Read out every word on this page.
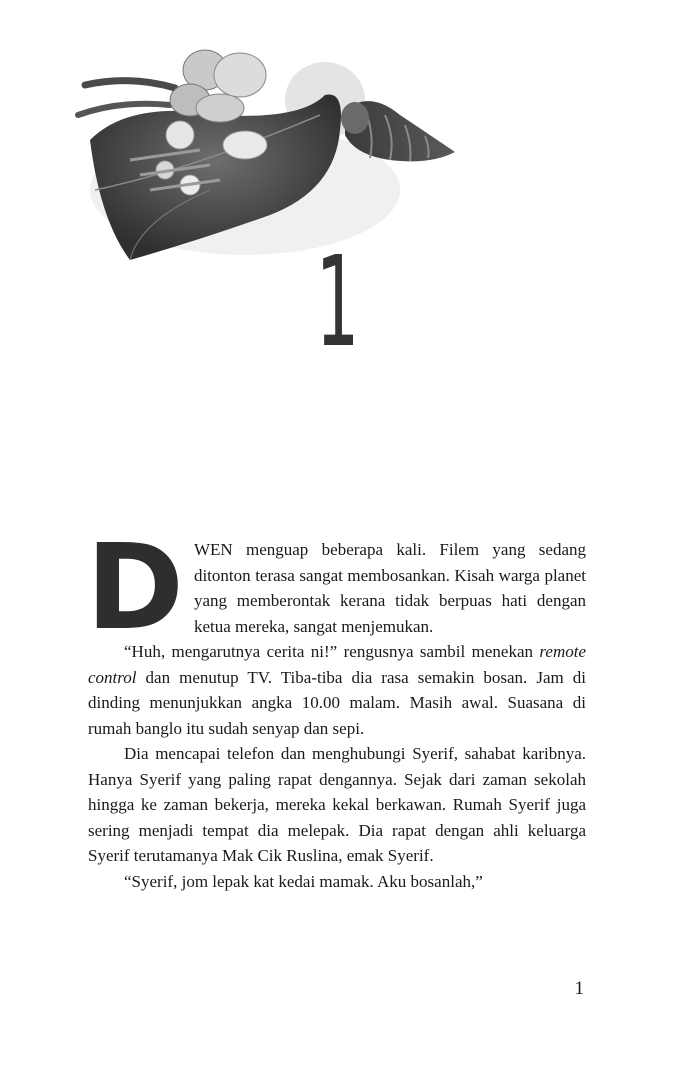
1

DWEN menguap beberapa kali. Filem yang sedang ditonton terasa sangat membosankan. Kisah warga planet yang memberontak kerana tidak berpuas hati dengan ketua mereka, sangat menjemukan.

“Huh, mengarutnya cerita ni!” rengusnya sambil menekan remote control dan menutup TV. Tiba-tiba dia rasa semakin bosan. Jam di dinding menunjukkan angka 10.00 malam. Masih awal. Suasana di rumah banglo itu sudah senyap dan sepi.

Dia mencapai telefon dan menghubungi Syerif, sahabat karibnya. Hanya Syerif yang paling rapat dengannya. Sejak dari zaman sekolah hingga ke zaman bekerja, mereka kekal berkawan. Rumah Syerif juga sering menjadi tempat dia melepak. Dia rapat dengan ahli keluarga Syerif terutamanya Mak Cik Ruslina, emak Syerif.

“Syerif, jom lepak kat kedai mamak. Aku bosanlah,”

1
